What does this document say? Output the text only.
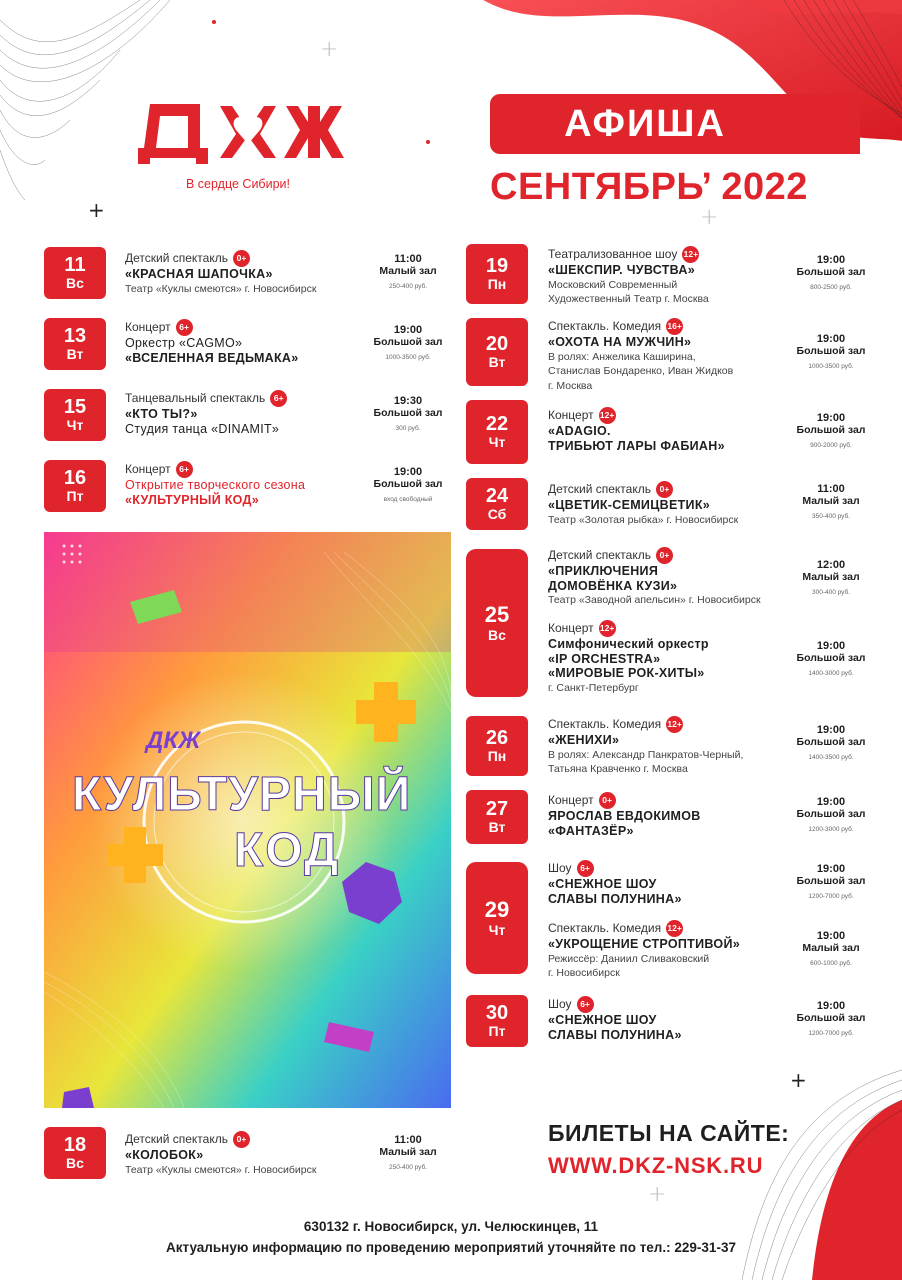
+
+	+
+
+
В сердце Сибири!
АФИША
СЕНТЯБРЬ’ 2022
11
Вс
Детский спектакль	0+
«КРАСНАЯ ШАПОЧКА»
Театр «Куклы смеются» г. Новосибирск
11:00
Малый зал
250-400 руб.
13
Вт
Концерт	6+
Оркестр «CAGMO»
«ВСЕЛЕННАЯ ВЕДЬМАКА»
19:00
Большой зал
1000-3500 руб.
15
Чт
Танцевальный спектакль	6+
«КТО ТЫ?»
Студия танца «DINAMIT»
19:30
Большой зал
300 руб.
16
Пт
Концерт	6+
Открытие творческого сезона
«КУЛЬТУРНЫЙ КОД»
19:00
Большой зал
вход свободный
ДКЖ
КУЛЬТУРНЫЙ
КОД
18
Вс
Детский спектакль	0+
«КОЛОБОК»
Театр «Куклы смеются» г. Новосибирск
11:00
Малый зал
250-400 руб.
19
Пн
Театрализованное шоу 12+
«ШЕКСПИР. ЧУВСТВА»
Московский Современный
Художественный Театр г. Москва
19:00
Большой зал
800-2500 руб.
20
Вт
Спектакль. Комедия 16+
«ОХОТА НА МУЖЧИН»
В ролях: Анжелика Каширина,
Станислав Бондаренко, Иван Жидков
г. Москва
19:00
Большой зал
1000-3500 руб.
22
Чт
Концерт 12+
«ADAGIO.
ТРИБЬЮТ ЛАРЫ ФАБИАН»
19:00
Большой зал
900-2000 руб.
24
Сб
Детский спектакль	0+
«ЦВЕТИК-СЕМИЦВЕТИК»
Театр «Золотая рыбка» г. Новосибирск
11:00
Малый зал
350-400 руб.
25
Вс
Детский спектакль	0+
«ПРИКЛЮЧЕНИЯ
ДОМОВЁНКА КУЗИ»
Театр «Заводной апельсин» г. Новосибирск
12:00
Малый зал
300-400 руб.
Концерт 12+
Симфонический оркестр
«IP ORCHESTRA»
«МИРОВЫЕ РОК-ХИТЫ»
г. Санкт-Петербург
19:00
Большой зал
1400-3000 руб.
26
Пн
Спектакль. Комедия 12+
«ЖЕНИХИ»
В ролях: Александр Панкратов-Черный,
Татьяна Кравченко г. Москва
19:00
Большой зал
1400-3500 руб.
27
Вт
Концерт	0+
ЯРОСЛАВ ЕВДОКИМОВ
«ФАНТАЗЁР»
19:00
Большой зал
1200-3000 руб.
29
Чт
Шоу	6+
«СНЕЖНОЕ ШОУ
СЛАВЫ ПОЛУНИНА»
19:00
Большой зал
1200-7000 руб.
Спектакль. Комедия 12+
«УКРОЩЕНИЕ СТРОПТИВОЙ»
Режиссёр: Даниил Сливаковский
г. Новосибирск
19:00
Малый зал
600-1000 руб.
30
Пт
Шоу	6+
«СНЕЖНОЕ ШОУ
СЛАВЫ ПОЛУНИНА»
19:00
Большой зал
1200-7000 руб.
БИЛЕТЫ НА САЙТЕ:
WWW.DKZ-NSK.RU
630132 г. Новосибирск, ул. Челюскинцев, 11
Актуальную информацию по проведению мероприятий уточняйте по тел.: 229-31-37
